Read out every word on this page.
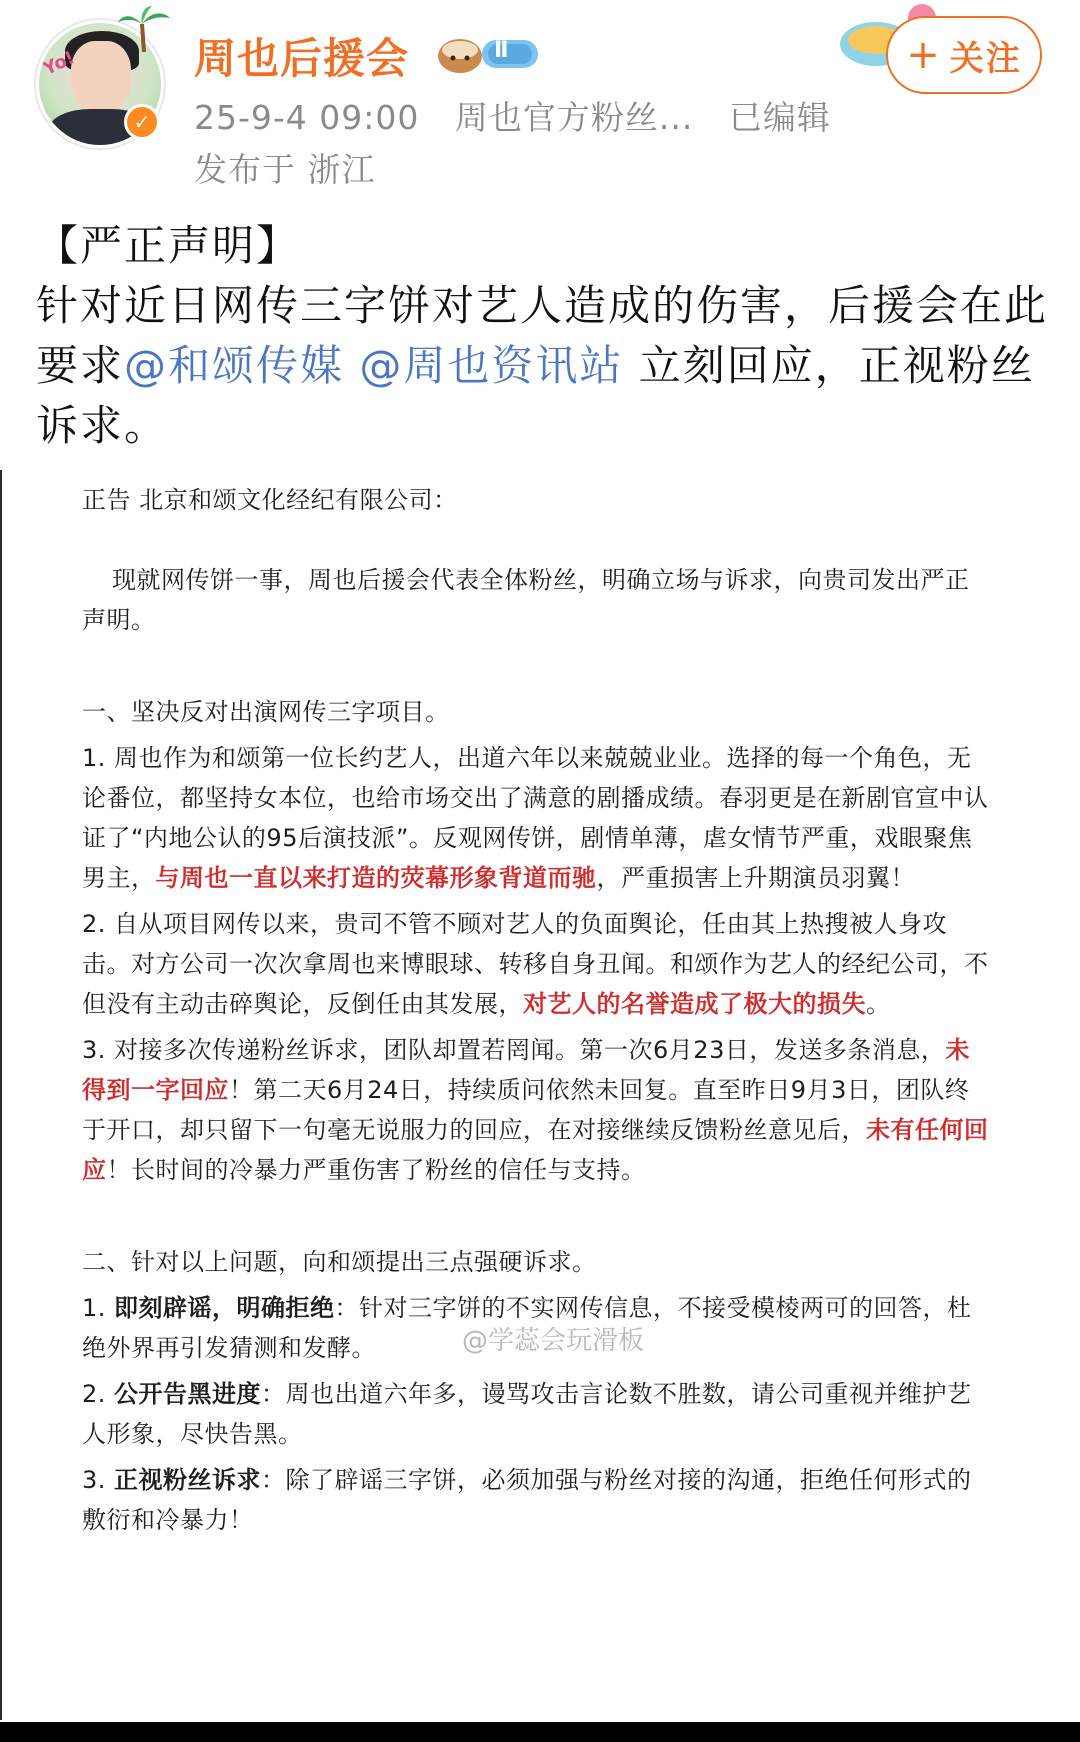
Yo!
✓
周也后援会	Ⅱ
25-9-4 09:00 周也官方粉丝... 已编辑
发布于 浙江
+ 关注

【严正声明】

针对近日网传三字饼对艺人造成的伤害，后援会在此要求@和颂传媒 @周也资讯站 立刻回应，正视粉丝诉求。

正告 北京和颂文化经纪有限公司：

现就网传饼一事，周也后援会代表全体粉丝，明确立场与诉求，向贵司发出严正声明。

一、坚决反对出演网传三字项目。

1. 周也作为和颂第一位长约艺人，出道六年以来兢兢业业。选择的每一个角色，无论番位，都坚持女本位，也给市场交出了满意的剧播成绩。春羽更是在新剧官宣中认证了“内地公认的95后演技派”。反观网传饼，剧情单薄，虐女情节严重，戏眼聚焦男主，与周也一直以来打造的荧幕形象背道而驰，严重损害上升期演员羽翼！

2. 自从项目网传以来，贵司不管不顾对艺人的负面舆论，任由其上热搜被人身攻击。对方公司一次次拿周也来博眼球、转移自身丑闻。和颂作为艺人的经纪公司，不但没有主动击碎舆论，反倒任由其发展，对艺人的名誉造成了极大的损失。

3. 对接多次传递粉丝诉求，团队却置若罔闻。第一次6月23日，发送多条消息，未得到一字回应！第二天6月24日，持续质问依然未回复。直至昨日9月3日，团队终于开口，却只留下一句毫无说服力的回应，在对接继续反馈粉丝意见后，未有任何回应！长时间的冷暴力严重伤害了粉丝的信任与支持。

二、针对以上问题，向和颂提出三点强硬诉求。

1. 即刻辟谣，明确拒绝：针对三字饼的不实网传信息，不接受模棱两可的回答，杜绝外界再引发猜测和发酵。

2. 公开告黑进度：周也出道六年多，谩骂攻击言论数不胜数，请公司重视并维护艺人形象，尽快告黑。

3. 正视粉丝诉求：除了辟谣三字饼，必须加强与粉丝对接的沟通，拒绝任何形式的敷衍和冷暴力！

@学蕊会玩滑板
